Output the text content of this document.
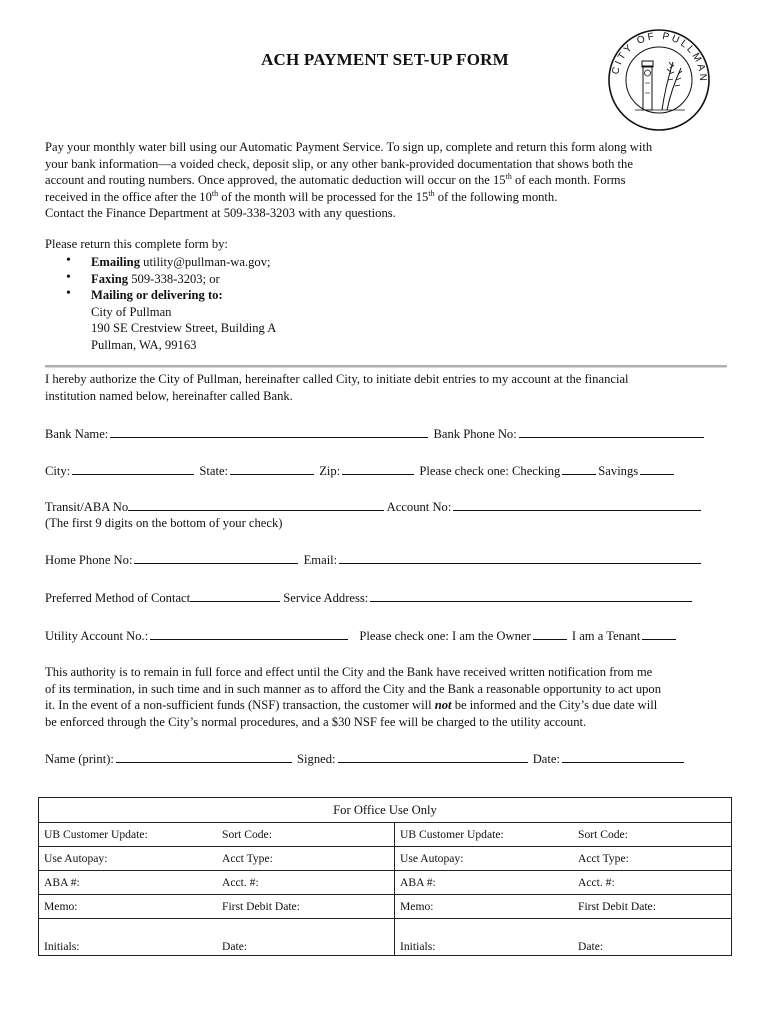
ACH PAYMENT SET-UP FORM
CITY OF PULLMAN

Pay your monthly water bill using our Automatic Payment Service. To sign up, complete and return this form along with

your bank information—a voided check, deposit slip, or any other bank-provided documentation that shows both the

account and routing numbers. Once approved, the automatic deduction will occur on the 15th of each month. Forms

received in the office after the 10th of the month will be processed for the 15th of the following month.

Contact the Finance Department at 509-338-3203 with any questions.

Please return this complete form by:
• Emailing utility@pullman-wa.gov;
• Faxing 509-338-3203; or
• Mailing or delivering to:
City of Pullman
190 SE Crestview Street, Building A
Pullman, WA, 99163

I hereby authorize the City of Pullman, hereinafter called City, to initiate debit entries to my account at the financial

institution named below, hereinafter called Bank.

Bank Name:	Bank Phone No:
City:	State:	Zip:	Please check one: Checking	Savings
Transit/ABA No	Account No:
(The first 9 digits on the bottom of your check)
Home Phone No:	Email:
Preferred Method of Contact	Service Address:
Utility Account No.:	Please check one: I am the Owner	I am a Tenant

This authority is to remain in full force and effect until the City and the Bank have received written notification from me

of its termination, in such time and in such manner as to afford the City and the Bank a reasonable opportunity to act upon

it. In the event of a non-sufficient funds (NSF) transaction, the customer will not be informed and the City’s due date will

be enforced through the City’s normal procedures, and a $30 NSF fee will be charged to the utility account.

Name (print):	Signed:	Date:
For Office Use Only			
UB Customer Update:	Sort Code:	UB Customer Update:	Sort Code:
Use Autopay:	Acct Type:	Use Autopay:	Acct Type:
ABA #:	Acct. #:	ABA #:	Acct. #:
Memo:	First Debit Date:	Memo:	First Debit Date:
Initials:	Date:	Initials:	Date:
